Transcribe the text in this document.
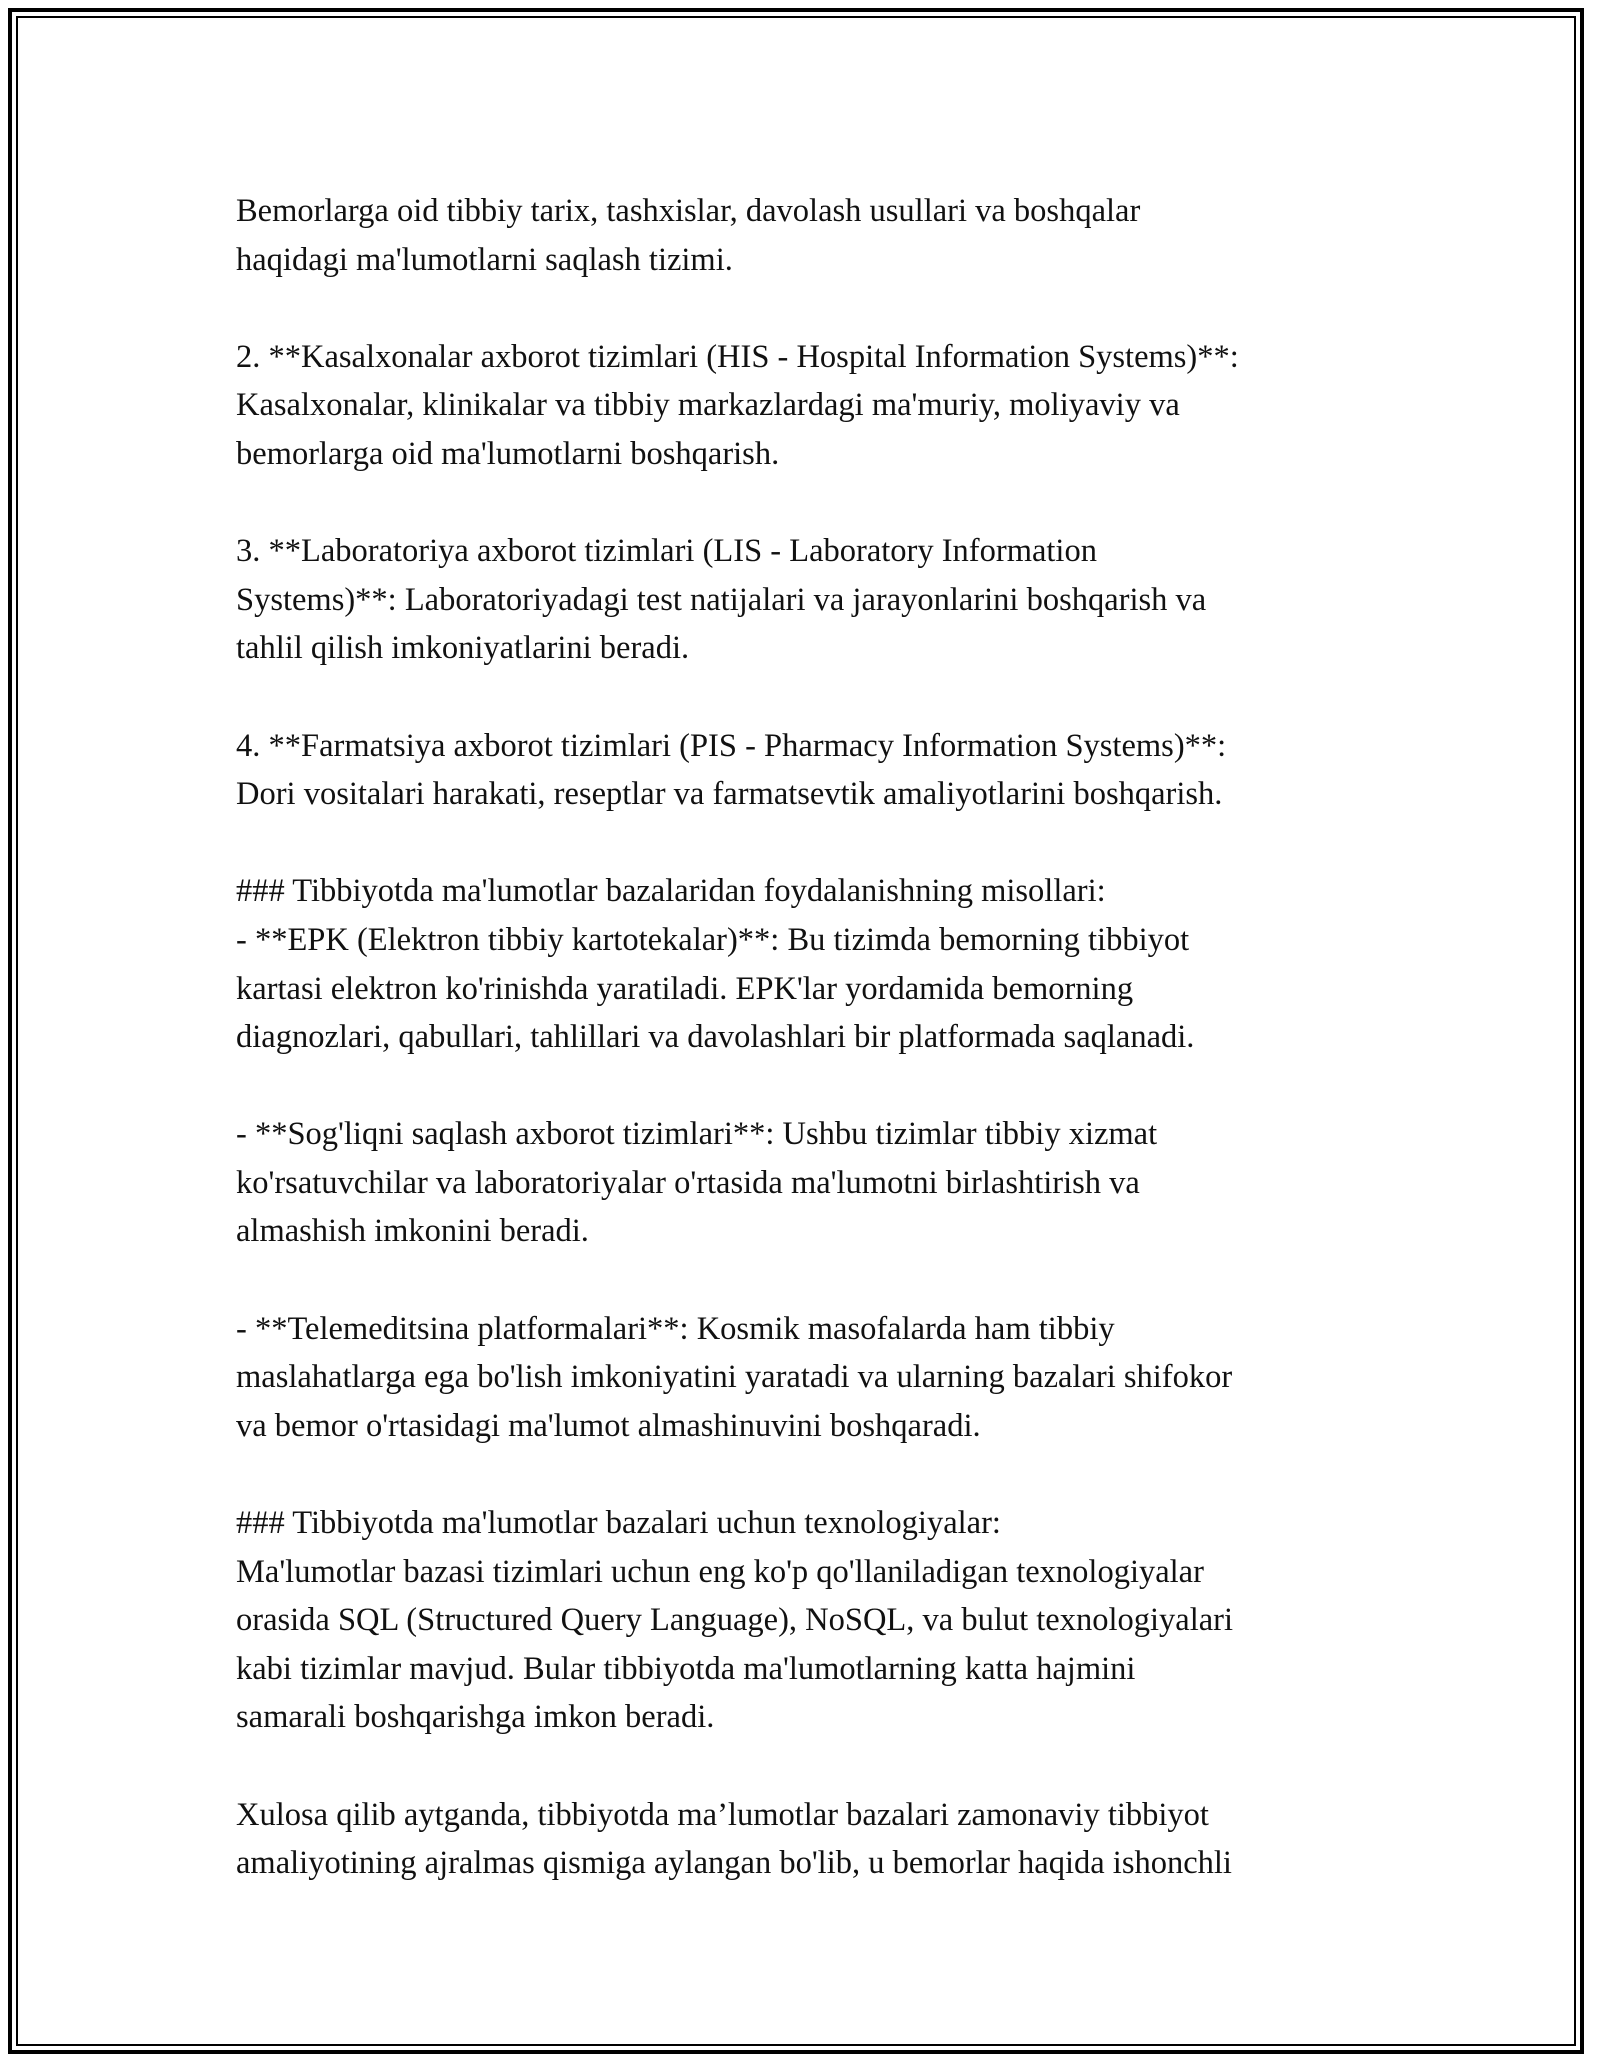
Bemorlarga oid tibbiy tarix, tashxislar, davolash usullari va boshqalar
haqidagi ma'lumotlarni saqlash tizimi.

2. **Kasalxonalar axborot tizimlari (HIS - Hospital Information Systems)**:
Kasalxonalar, klinikalar va tibbiy markazlardagi ma'muriy, moliyaviy va
bemorlarga oid ma'lumotlarni boshqarish.

3. **Laboratoriya axborot tizimlari (LIS - Laboratory Information
Systems)**: Laboratoriyadagi test natijalari va jarayonlarini boshqarish va
tahlil qilish imkoniyatlarini beradi.

4. **Farmatsiya axborot tizimlari (PIS - Pharmacy Information Systems)**:
Dori vositalari harakati, reseptlar va farmatsevtik amaliyotlarini boshqarish.

### Tibbiyotda ma'lumotlar bazalaridan foydalanishning misollari:
- **EPK (Elektron tibbiy kartotekalar)**: Bu tizimda bemorning tibbiyot
kartasi elektron ko'rinishda yaratiladi. EPK'lar yordamida bemorning
diagnozlari, qabullari, tahlillari va davolashlari bir platformada saqlanadi.

- **Sog'liqni saqlash axborot tizimlari**: Ushbu tizimlar tibbiy xizmat
ko'rsatuvchilar va laboratoriyalar o'rtasida ma'lumotni birlashtirish va
almashish imkonini beradi.

- **Telemeditsina platformalari**: Kosmik masofalarda ham tibbiy
maslahatlarga ega bo'lish imkoniyatini yaratadi va ularning bazalari shifokor
va bemor o'rtasidagi ma'lumot almashinuvini boshqaradi.

### Tibbiyotda ma'lumotlar bazalari uchun texnologiyalar:
Ma'lumotlar bazasi tizimlari uchun eng ko'p qo'llaniladigan texnologiyalar
orasida SQL (Structured Query Language), NoSQL, va bulut texnologiyalari
kabi tizimlar mavjud. Bular tibbiyotda ma'lumotlarning katta hajmini
samarali boshqarishga imkon beradi.

Xulosa qilib aytganda, tibbiyotda ma’lumotlar bazalari zamonaviy tibbiyot
amaliyotining ajralmas qismiga aylangan bo'lib, u bemorlar haqida ishonchli
